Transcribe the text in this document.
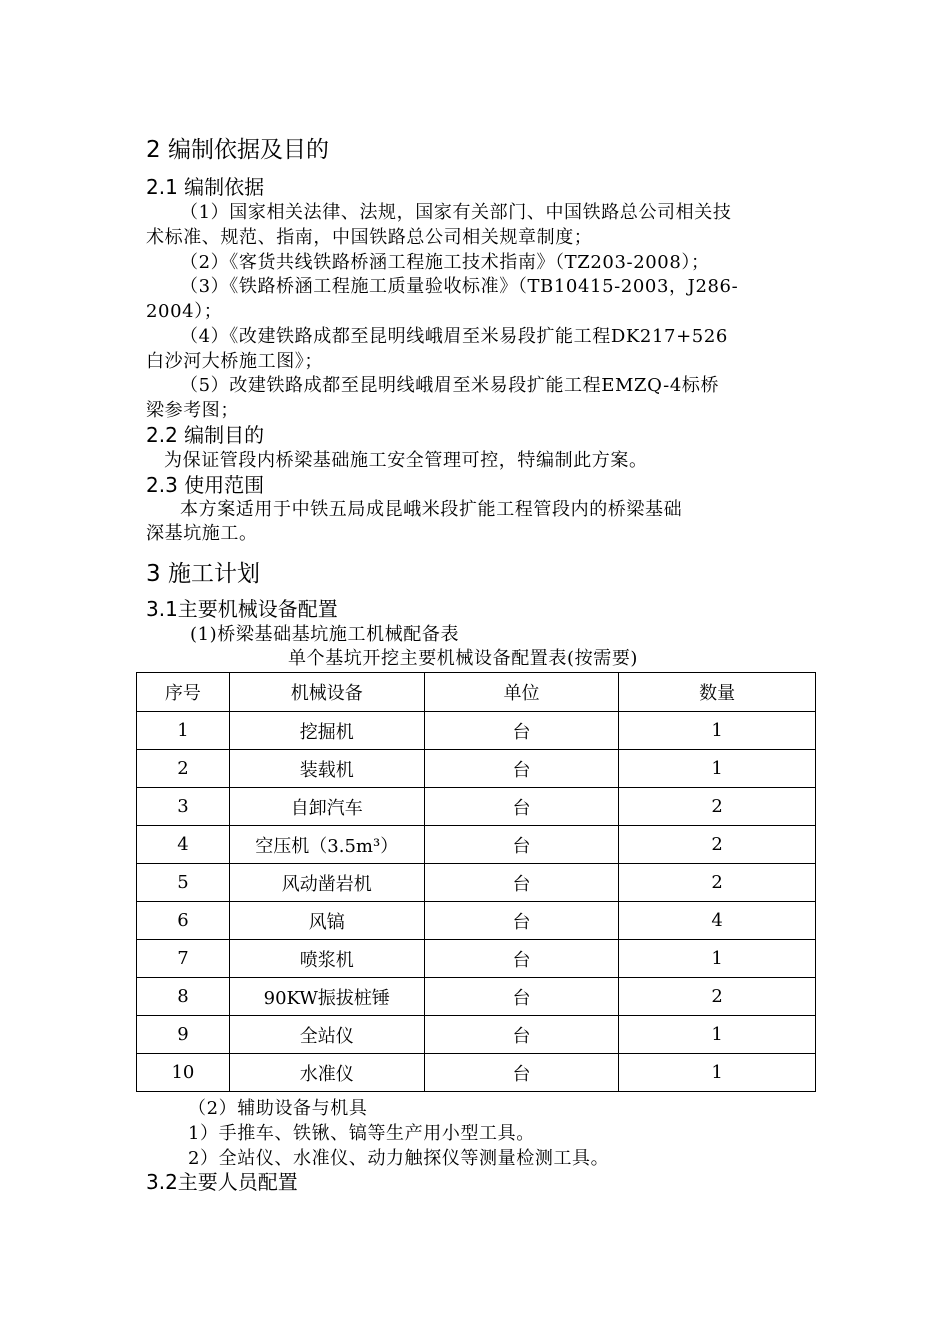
2 编制依据及目的
2.1 编制依据
（1）国家相关法律、法规，国家有关部门、中国铁路总公司相关技
术标准、规范、指南，中国铁路总公司相关规章制度；
（2）《客货共线铁路桥涵工程施工技术指南》（TZ203-2008）；
（3）《铁路桥涵工程施工质量验收标准》（TB10415-2003，J286-
2004）；
（4）《改建铁路成都至昆明线峨眉至米易段扩能工程DK217+526
白沙河大桥施工图》；
（5）改建铁路成都至昆明线峨眉至米易段扩能工程EMZQ-4标桥
梁参考图；
2.2 编制目的
为保证管段内桥梁基础施工安全管理可控，特编制此方案。
2.3 使用范围
本方案适用于中铁五局成昆峨米段扩能工程管段内的桥梁基础
深基坑施工。
3 施工计划
3.1主要机械设备配置
(1)桥梁基础基坑施工机械配备表
单个基坑开挖主要机械设备配置表(按需要)
序号	机械设备	单位	数量
1	挖掘机	台	1
2	装载机	台	1
3	自卸汽车	台	2
4	空压机（3.5m³）	台	2
5	风动凿岩机	台	2
6	风镐	台	4
7	喷浆机	台	1
8	90KW振拔桩锤	台	2
9	全站仪	台	1
10	水准仪	台	1
（2）辅助设备与机具
1）手推车、铁锹、镐等生产用小型工具。
2）全站仪、水准仪、动力触探仪等测量检测工具。
3.2主要人员配置
